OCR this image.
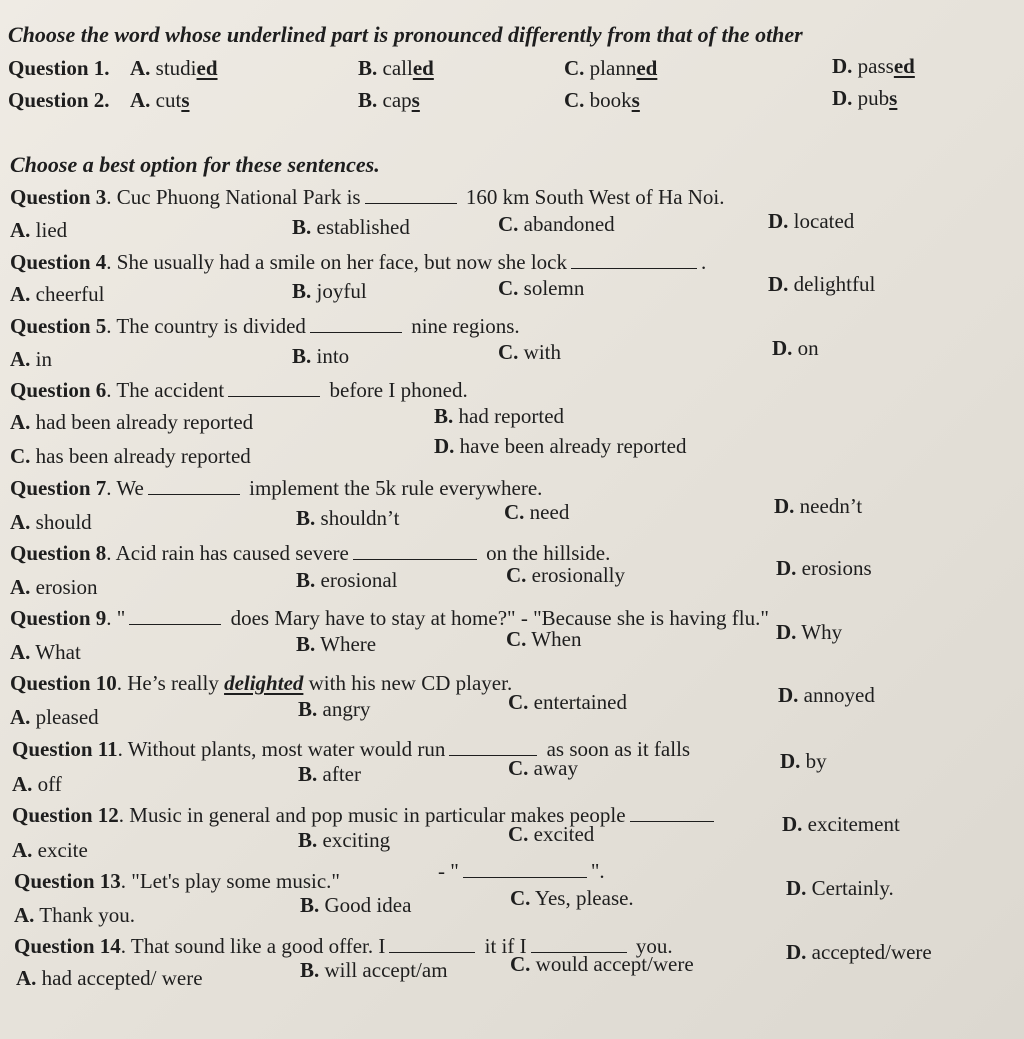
Choose the word whose underlined part is pronounced differently from that of the other
Question 1. A. studied	B. called	C. planned	D. passed
Question 2. A. cuts	B. caps	C. books	D. pubs
Choose a best option for these sentences.
Question 3. Cuc Phuong National Park is	160 km South West of Ha Noi.
A. lied	B. established	C. abandoned	D. located
Question 4. She usually had a smile on her face, but now she lock	.
A. cheerful	B. joyful	C. solemn	D. delightful
Question 5. The country is divided	nine regions.
A. in	B. into	C. with	D. on
Question 6. The accident	before I phoned.
A. had been already reported	B. had reported
C. has been already reported	D. have been already reported
Question 7. We	implement the 5k rule everywhere.
A. should	B. shouldn’t	C. need	D. needn’t
Question 8. Acid rain has caused severe	on the hillside.
A. erosion	B. erosional	C. erosionally	D. erosions
Question 9. "	does Mary have to stay at home?" - "Because she is having flu."
A. What	B. Where	C. When	D. Why
Question 10. He’s really delighted with his new CD player.
A. pleased	B. angry	C. entertained	D. annoyed
Question 11. Without plants, most water would run	as soon as it falls
A. off	B. after	C. away	D. by
Question 12. Music in general and pop music in particular makes people
A. excite	B. exciting	C. excited	D. excitement
Question 13. "Let's play some music."	- "	".
A. Thank you.	B. Good idea	C. Yes, please.	D. Certainly.
Question 14. That sound like a good offer. I	it if I	you.
A. had accepted/ were	B. will accept/am	C. would accept/were	D. accepted/were
